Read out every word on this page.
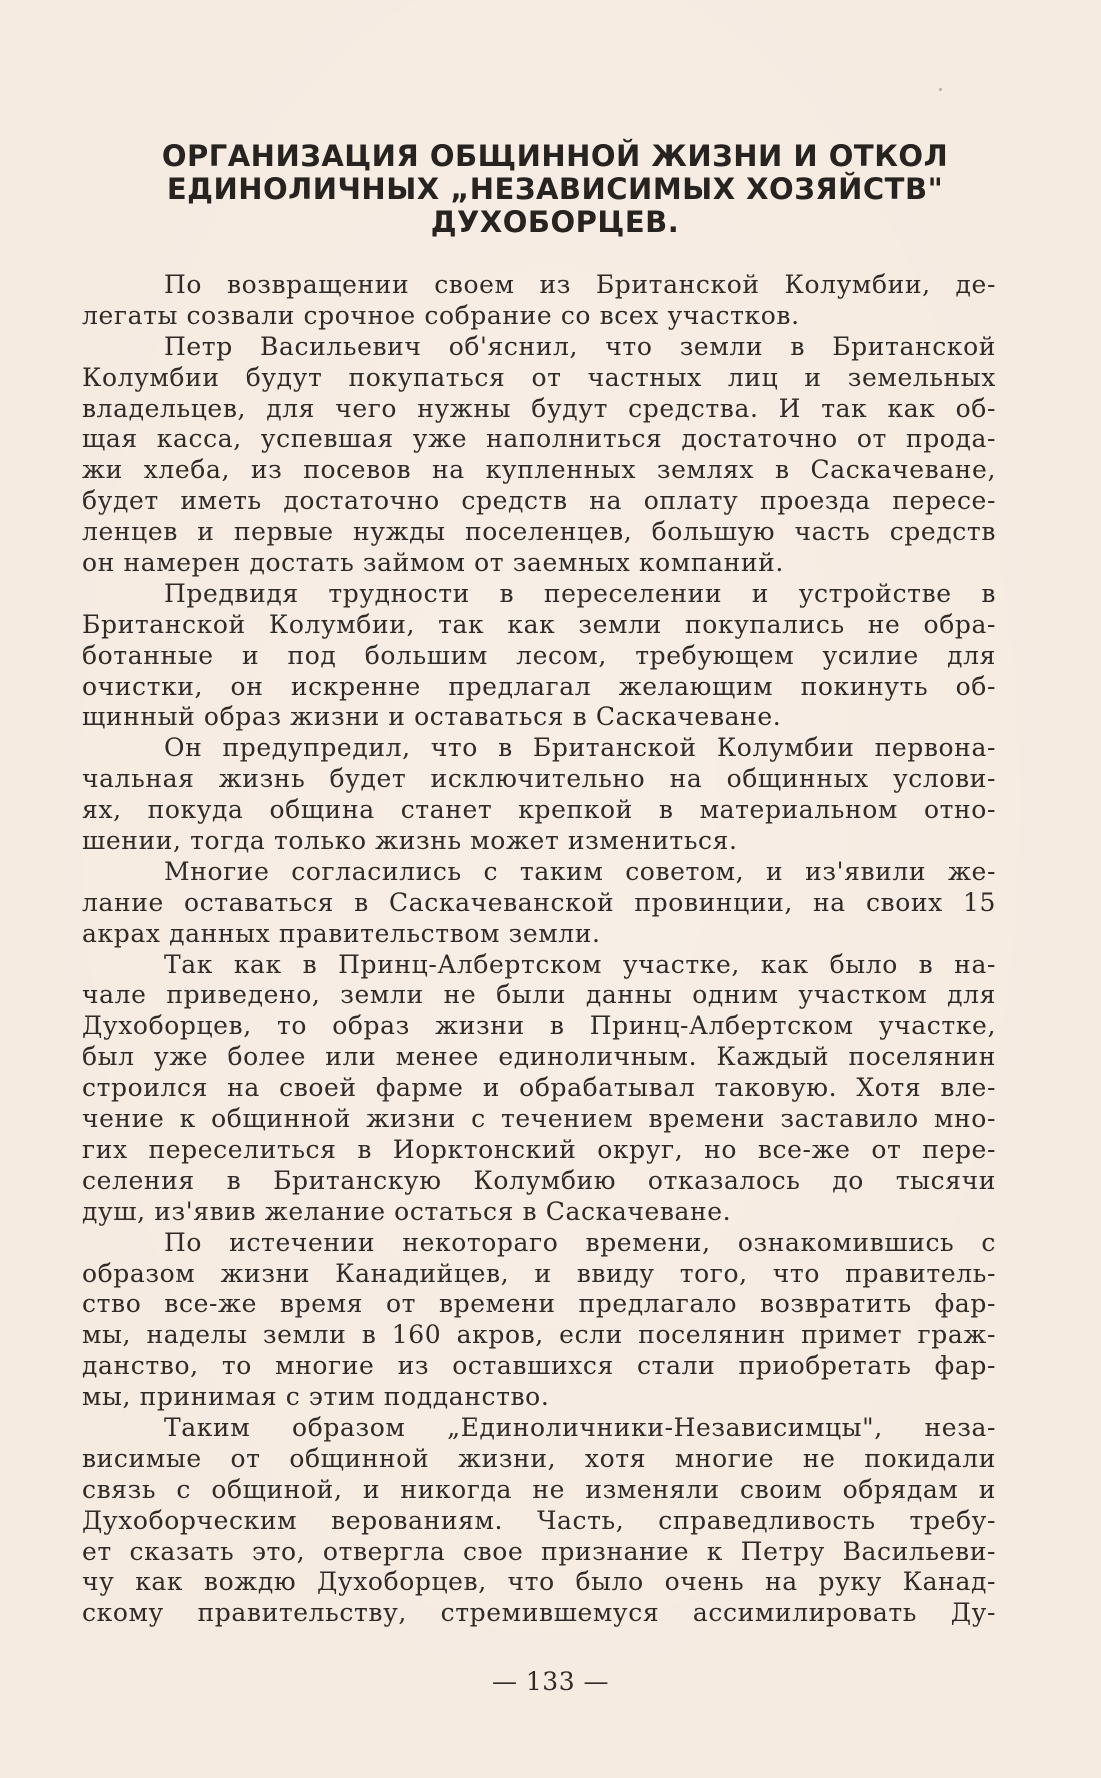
ОРГАНИЗАЦИЯ ОБЩИННОЙ ЖИЗНИ И ОТКОЛ
ЕДИНОЛИЧНЫХ „НЕЗАВИСИМЫХ ХОЗЯЙСТВ"
ДУХОБОРЦЕВ.
По возвращении своем из Британской Колумбии, де-
легаты созвали срочное собрание со всех участков.
Петр Васильевич об'яснил, что земли в Британской
Колумбии будут покупаться от частных лиц и земельных
владельцев, для чего нужны будут средства. И так как об-
щая касса, успевшая уже наполниться достаточно от прода-
жи хлеба, из посевов на купленных землях в Саскачеване,
будет иметь достаточно средств на оплату проезда пересе-
ленцев и первые нужды поселенцев, большую часть средств
он намерен достать займом от заемных компаний.
Предвидя трудности в переселении и устройстве в
Британской Колумбии, так как земли покупались не обра-
ботанные и под большим лесом, требующем усилие для
очистки, он искренне предлагал желающим покинуть об-
щинный образ жизни и оставаться в Саскачеване.
Он предупредил, что в Британской Колумбии первона-
чальная жизнь будет исключительно на общинных услови-
ях, покуда община станет крепкой в материальном отно-
шении, тогда только жизнь может измениться.
Многие согласились с таким советом, и из'явили же-
лание оставаться в Саскачеванской провинции, на своих 15
акрах данных правительством земли.
Так как в Принц-Албертском участке, как было в на-
чале приведено, земли не были данны одним участком для
Духоборцев, то образ жизни в Принц-Албертском участке,
был уже более или менее единоличным. Каждый поселянин
строился на своей фарме и обрабатывал таковую. Хотя вле-
чение к общинной жизни с течением времени заставило мно-
гих переселиться в Иорктонский округ, но все-же от пере-
селения в Британскую Колумбию отказалось до тысячи
душ, из'явив желание остаться в Саскачеване.
По истечении некотораго времени, ознакомившись с
образом жизни Канадийцев, и ввиду того, что правитель-
ство все-же время от времени предлагало возвратить фар-
мы, наделы земли в 160 акров, если поселянин примет граж-
данство, то многие из оставшихся стали приобретать фар-
мы, принимая с этим подданство.
Таким образом „Единоличники-Независимцы", неза-
висимые от общинной жизни, хотя многие не покидали
связь с общиной, и никогда не изменяли своим обрядам и
Духоборческим верованиям. Часть, справедливость требу-
ет сказать это, отвергла свое признание к Петру Васильеви-
чу как вождю Духоборцев, что было очень на руку Канад-
скому правительству, стремившемуся ассимилировать Ду-
— 133 —
